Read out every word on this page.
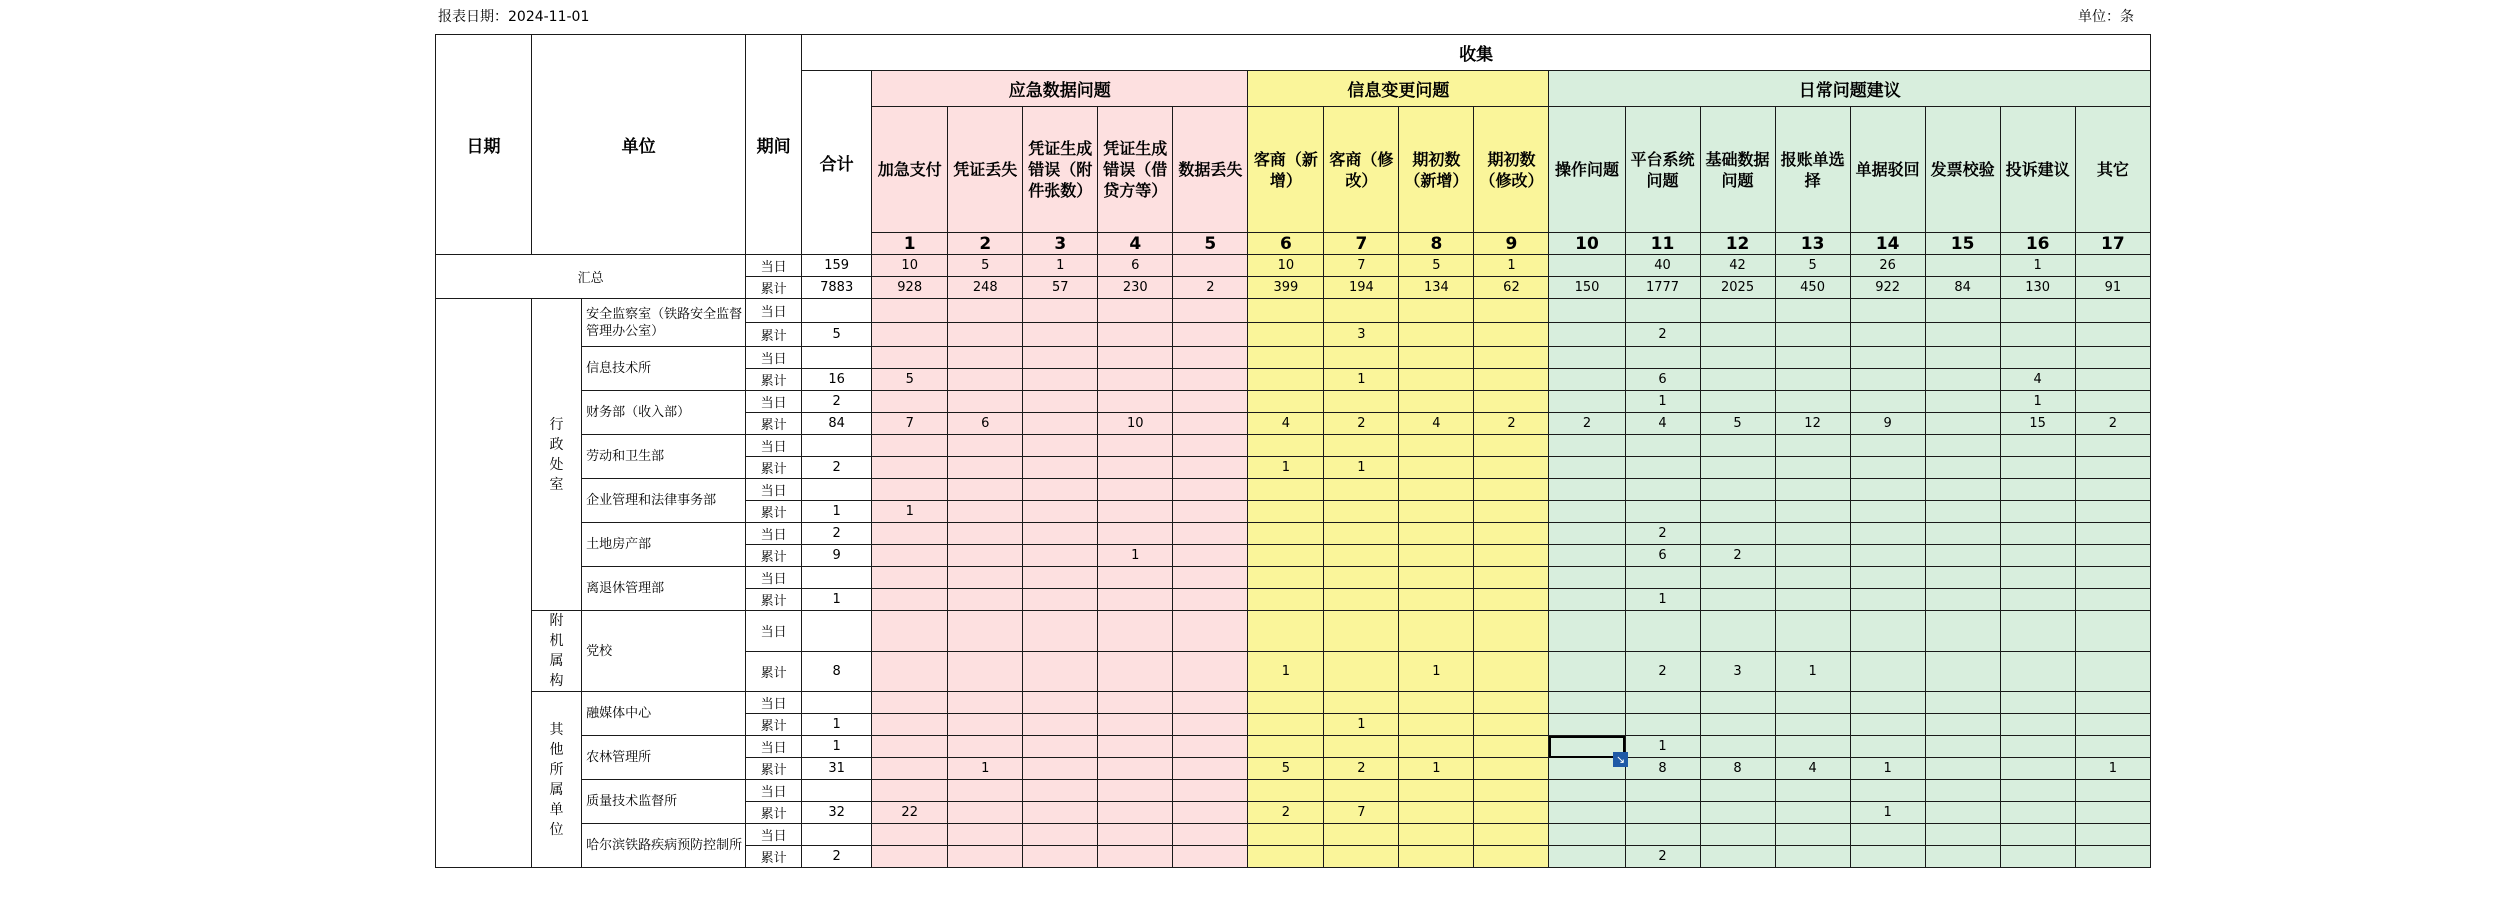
报表日期：2024-11-01	单位：条
日期	单位		期间	收集																	
				合计	应急数据问题					信息变更问题				日常问题建议							
					加急支付	凭证丢失	凭证生成错误（附件张数）	凭证生成错误（借贷方等）	数据丢失	客商（新增）	客商（修改）	期初数（新增）	期初数（修改）	操作问题	平台系统问题	基础数据问题	报账单选择	单据驳回	发票校验	投诉建议	其它
					1	2	3	4	5	6	7	8	9	10	11	12	13	14	15	16	17
汇总			当日	159	10	5	1	6		10	7	5	1		40	42	5	26		1	
			累计	7883	928	248	57	230	2	399	194	134	62	150	1777	2025	450	922	84	130	91

	行政处室	安全监察室（铁路安全监督管理办公室）	当日																		
			累计	5							3				2						
		信息技术所	当日																		
			累计	16	5						1				6					4	
		财务部（收入部）	当日	2											1					1	
			累计	84	7	6		10		4	2	4	2	2	4	5	12	9		15	2
		劳动和卫生部	当日																		
			累计	2						1	1										
		企业管理和法律事务部	当日																		
			累计	1	1																
		土地房产部	当日	2											2						
			累计	9				1							6	2					
		离退休管理部	当日																		
			累计	1											1						

	附机属构	党校	当日																		
			累计	8						1		1			2	3	1				

	其他所属单位	融媒体中心	当日																		
			累计	1							1										
		农林管理所	当日	1											1						
			累计	31		1				5	2	1			8	8	4	1			1
		质量技术监督所	当日																		
			累计	32	22					2	7							1			
		哈尔滨铁路疾病预防控制所	当日																		
			累计	2											2						
↘
